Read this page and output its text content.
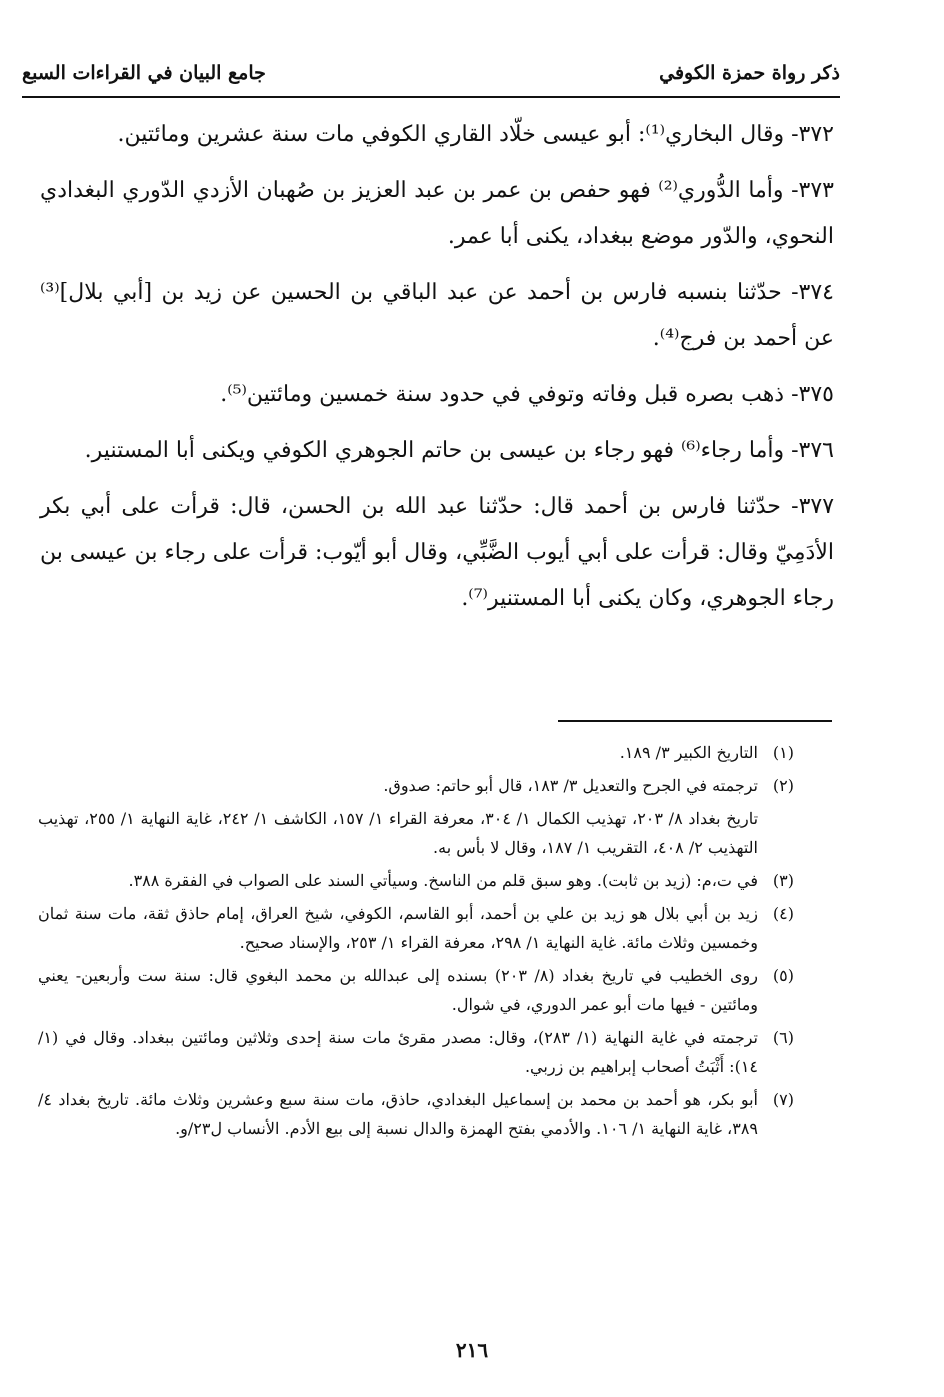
ذكر رواة حمزة الكوفي
جامع البيان في القراءات السبع

٣٧٢- وقال البخاري⁽¹⁾: أبو عيسى خلّاد القاري الكوفي مات سنة عشرين ومائتين.

٣٧٣- وأما الدُّوري⁽²⁾ فهو حفص بن عمر بن عبد العزيز بن صُهبان الأزدي الدّوري البغدادي النحوي، والدّور موضع ببغداد، يكنى أبا عمر.

٣٧٤- حدّثنا بنسبه فارس بن أحمد عن عبد الباقي بن الحسين عن زيد بن [أبي بلال]⁽³⁾ عن أحمد بن فرج⁽⁴⁾.

٣٧٥- ذهب بصره قبل وفاته وتوفي في حدود سنة خمسين ومائتين⁽⁵⁾.

٣٧٦- وأما رجاء⁽⁶⁾ فهو رجاء بن عيسى بن حاتم الجوهري الكوفي ويكنى أبا المستنير.

٣٧٧- حدّثنا فارس بن أحمد قال: حدّثنا عبد الله بن الحسن، قال: قرأت على أبي بكر الأدَمِيّ وقال: قرأت على أبي أيوب الضَّبِّي، وقال أبو أيّوب: قرأت على رجاء بن عيسى بن رجاء الجوهري، وكان يكنى أبا المستنير⁽⁷⁾.

(١)
التاريخ الكبير ٣/ ١٨٩.
(٢)
ترجمته في الجرح والتعديل ٣/ ١٨٣، قال أبو حاتم: صدوق.
تاريخ بغداد ٨/ ٢٠٣، تهذيب الكمال ١/ ٣٠٤، معرفة القراء ١/ ١٥٧، الكاشف ١/ ٢٤٢، غاية النهاية ١/ ٢٥٥، تهذيب التهذيب ٢/ ٤٠٨، التقريب ١/ ١٨٧، وقال لا بأس به.
(٣)
في ت،م: (زيد بن ثابت). وهو سبق قلم من الناسخ. وسيأتي السند على الصواب في الفقرة ٣٨٨.
(٤)
زيد بن أبي بلال هو زيد بن علي بن أحمد، أبو القاسم، الكوفي، شيخ العراق، إمام حاذق ثقة، مات سنة ثمان وخمسين وثلاث مائة. غاية النهاية ١/ ٢٩٨، معرفة القراء ١/ ٢٥٣، والإسناد صحيح.
(٥)
روى الخطيب في تاريخ بغداد (٨/ ٢٠٣) بسنده إلى عبدالله بن محمد البغوي قال: سنة ست وأربعين- يعني ومائتين - فيها مات أبو عمر الدوري، في شوال.
(٦)
ترجمته في غاية النهاية (١/ ٢٨٣)، وقال: مصدر مقرئ مات سنة إحدى وثلاثين ومائتين ببغداد. وقال في (١/ ١٤): أَثْبَتُ أصحاب إبراهيم بن زربي.
(٧)
أبو بكر، هو أحمد بن محمد بن إسماعيل البغدادي، حاذق، مات سنة سبع وعشرين وثلاث مائة. تاريخ بغداد ٤/ ٣٨٩، غاية النهاية ١/ ١٠٦. والأدمي بفتح الهمزة والدال نسبة إلى بيع الأدم. الأنساب ل٢٣/و.
٢١٦
